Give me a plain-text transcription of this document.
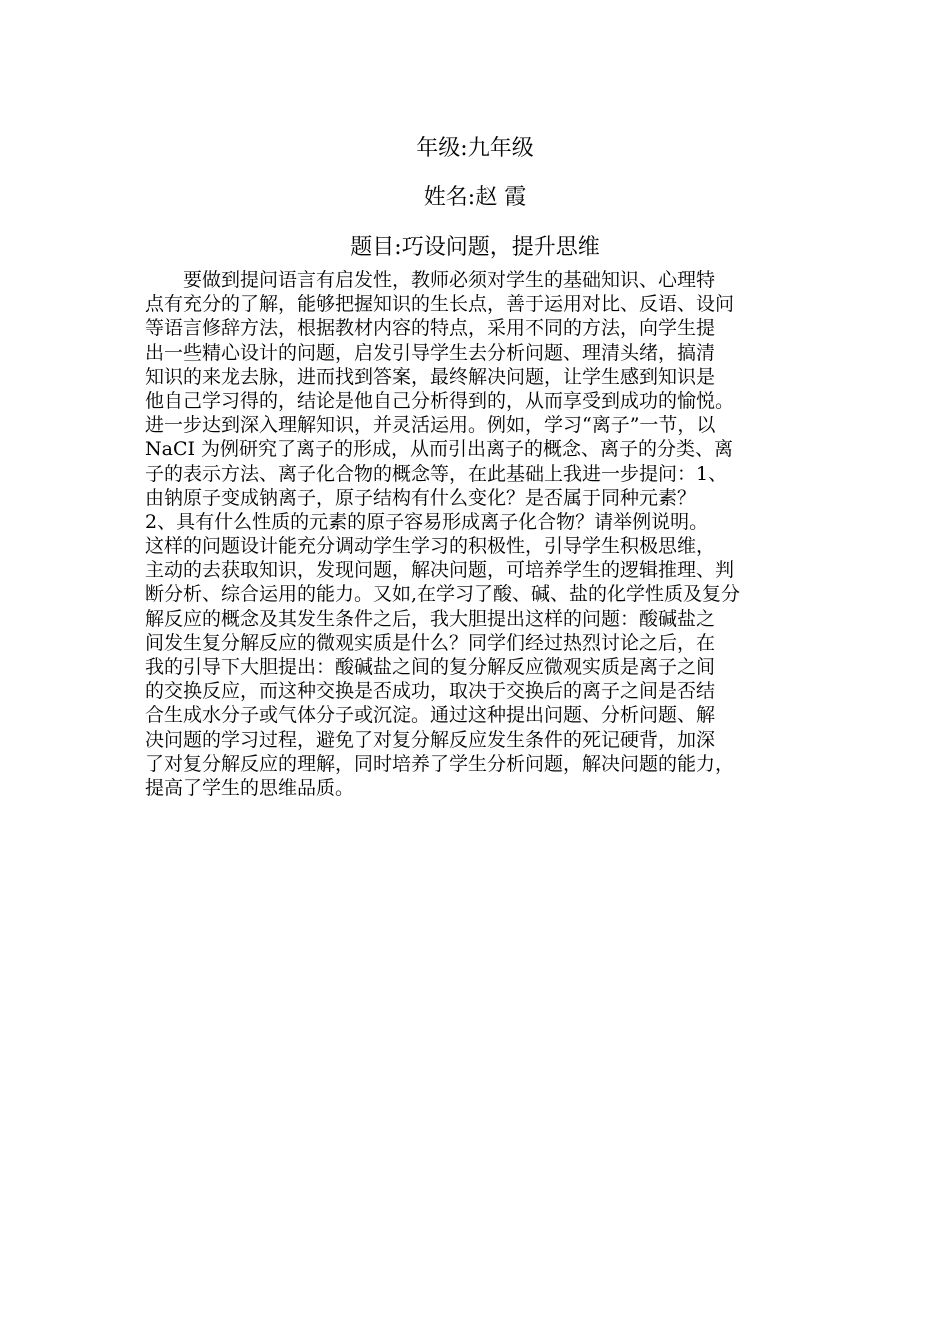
年级:九年级
姓名:赵 霞
题目:巧设问题，提升思维
　　要做到提问语言有启发性，教师必须对学生的基础知识、心理特
点有充分的了解，能够把握知识的生长点，善于运用对比、反语、设问
等语言修辞方法，根据教材内容的特点，采用不同的方法，向学生提
出一些精心设计的问题，启发引导学生去分析问题、理清头绪，搞清
知识的来龙去脉，进而找到答案，最终解决问题，让学生感到知识是
他自己学习得的，结论是他自己分析得到的，从而享受到成功的愉悦。
进一步达到深入理解知识，并灵活运用。例如，学习“离子”一节，以
NaCI 为例研究了离子的形成，从而引出离子的概念、离子的分类、离
子的表示方法、离子化合物的概念等，在此基础上我进一步提问：1、
由钠原子变成钠离子，原子结构有什么变化？是否属于同种元素？
2、具有什么性质的元素的原子容易形成离子化合物？请举例说明。
这样的问题设计能充分调动学生学习的积极性，引导学生积极思维，
主动的去获取知识，发现问题，解决问题，可培养学生的逻辑推理、判
断分析、综合运用的能力。又如,在学习了酸、碱、盐的化学性质及复分
解反应的概念及其发生条件之后，我大胆提出这样的问题：酸碱盐之
间发生复分解反应的微观实质是什么？同学们经过热烈讨论之后，在
我的引导下大胆提出：酸碱盐之间的复分解反应微观实质是离子之间
的交换反应，而这种交换是否成功，取决于交换后的离子之间是否结
合生成水分子或气体分子或沉淀。通过这种提出问题、分析问题、解
决问题的学习过程，避免了对复分解反应发生条件的死记硬背，加深
了对复分解反应的理解，同时培养了学生分析问题，解决问题的能力，
提高了学生的思维品质。
